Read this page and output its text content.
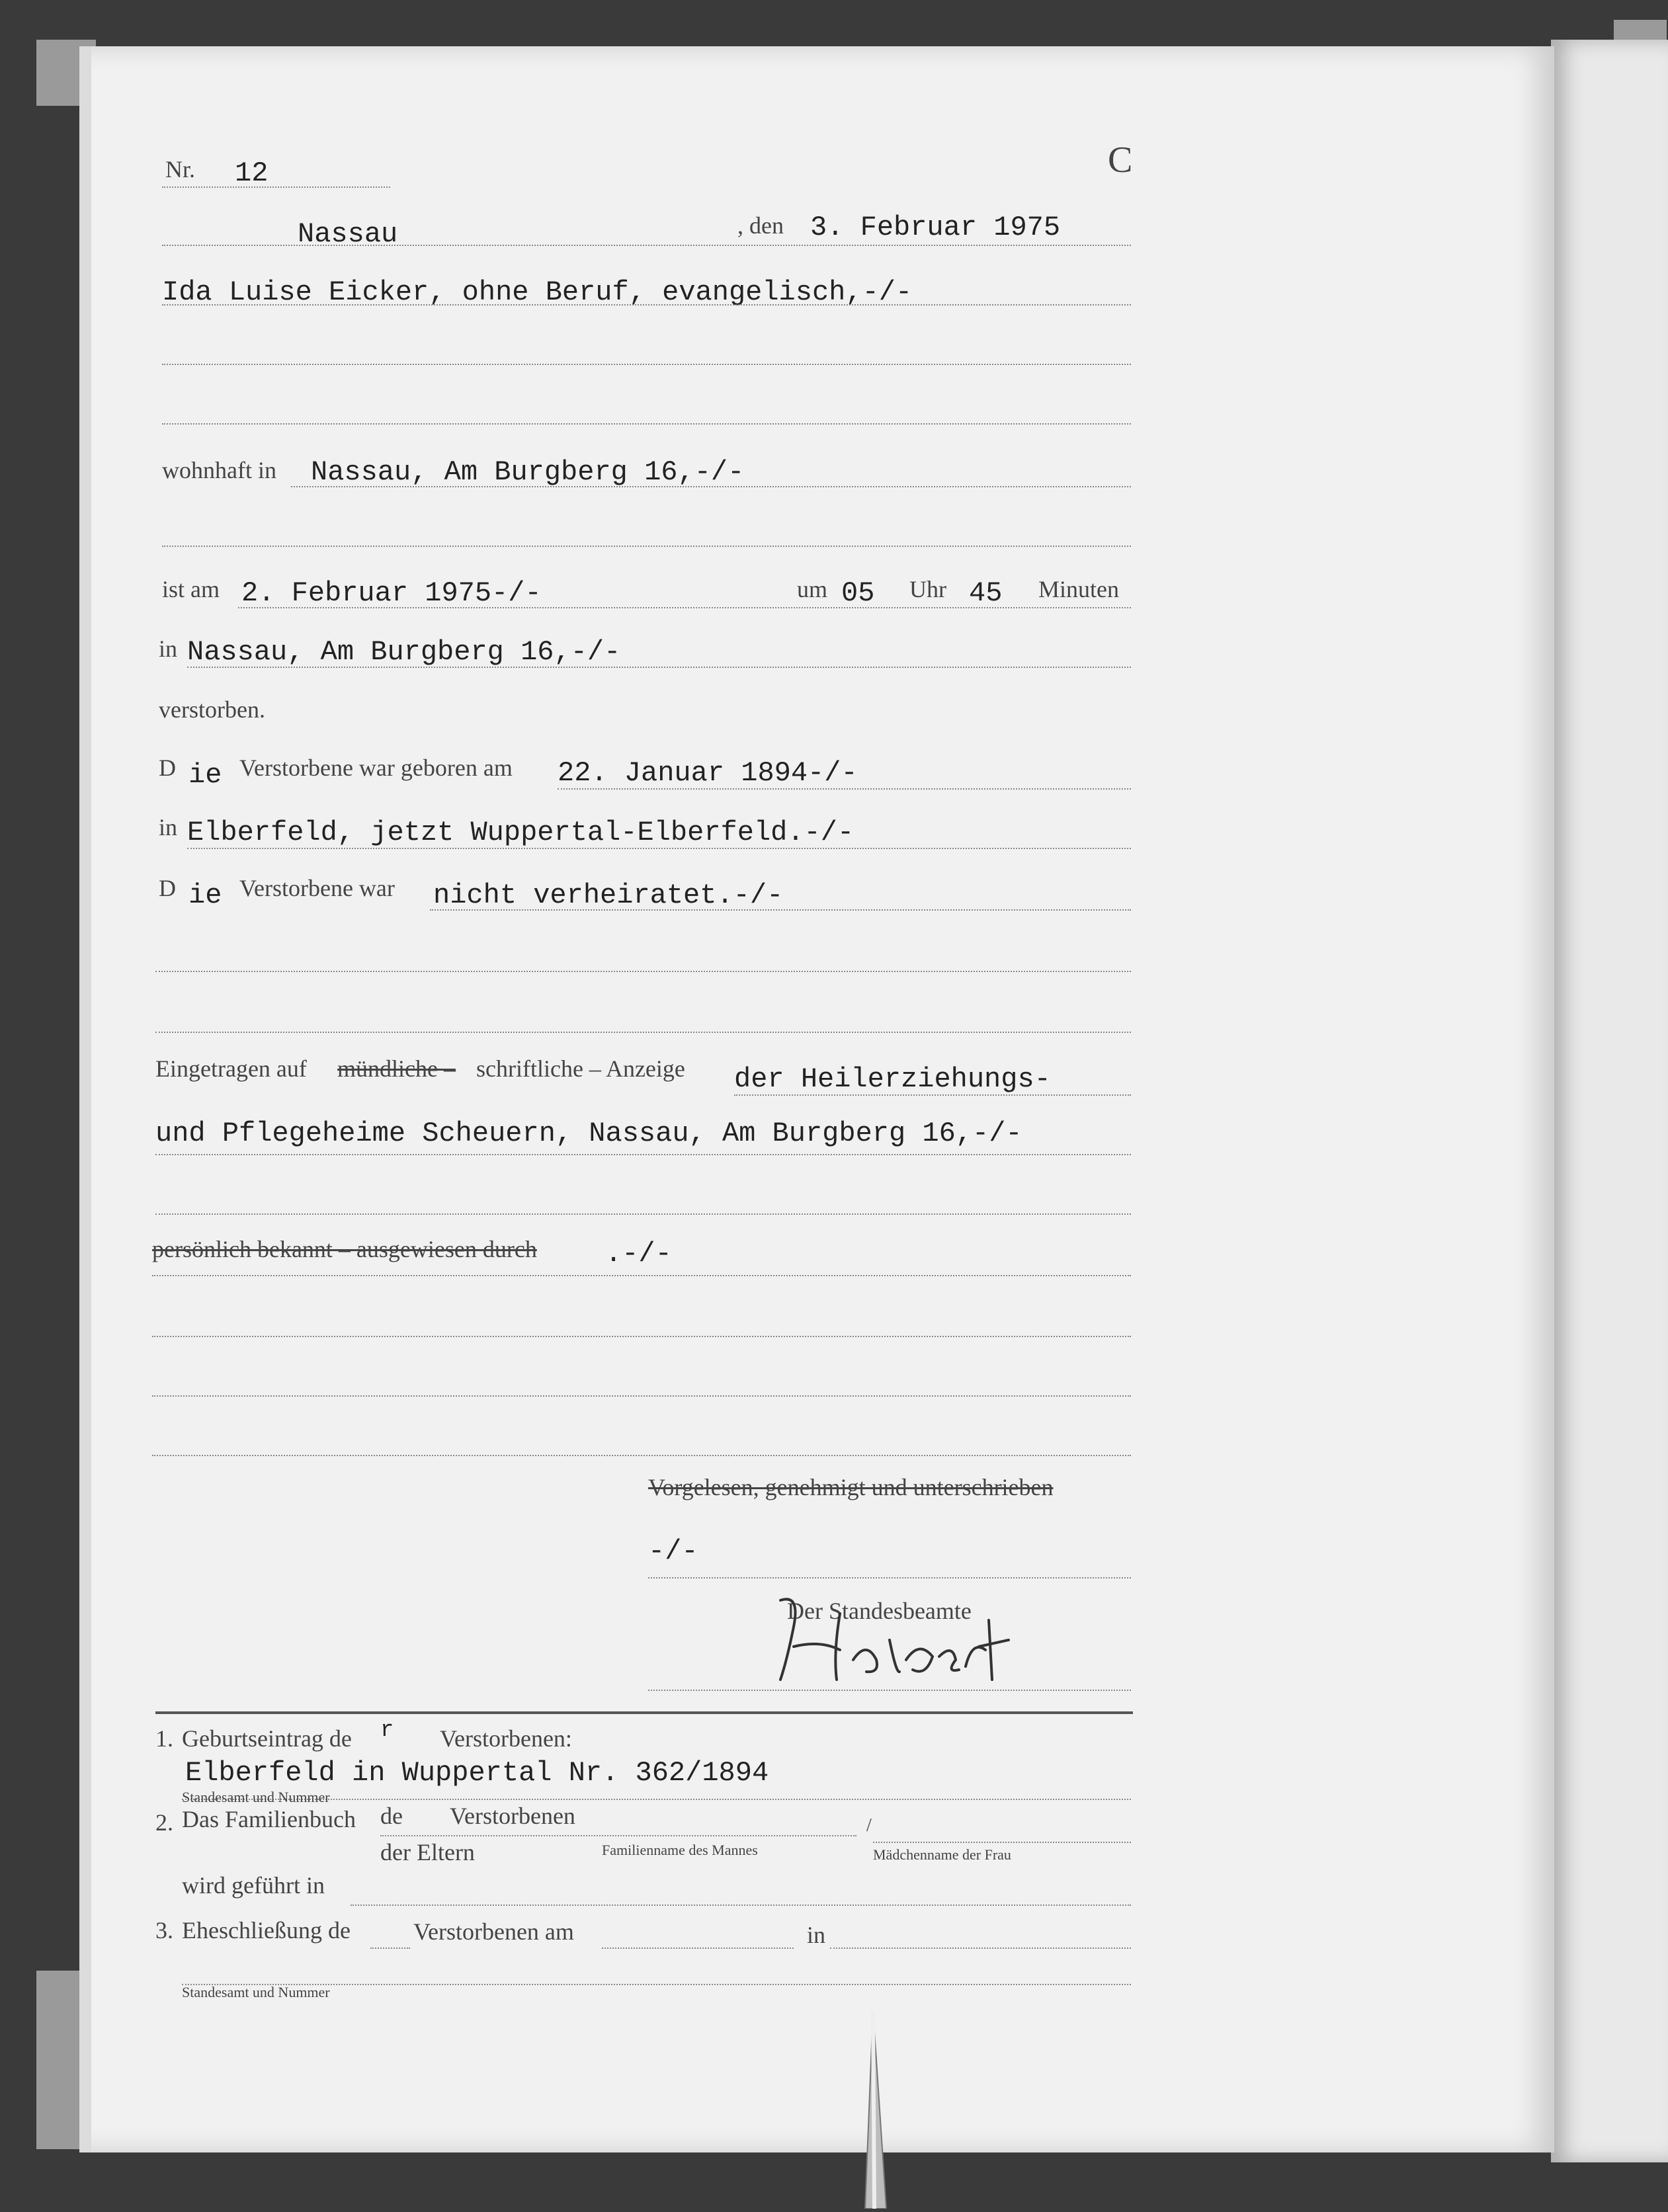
Nr. 12	C
Nassau	, den 3. Februar 1975
Ida Luise Eicker, ohne Beruf, evangelisch,-/-
wohnhaft in Nassau, Am Burgberg 16,-/-
ist am 2. Februar 1975-/-	um 05 Uhr 45 Minuten
in Nassau, Am Burgberg 16,-/-
verstorben.
D ie Verstorbene war geboren am 22. Januar 1894-/-
in Elberfeld, jetzt Wuppertal-Elberfeld.-/-
D ie Verstorbene war nicht verheiratet.-/-
Eingetragen auf mündliche – schriftliche – Anzeige der Heilerziehungs-
und Pflegeheime Scheuern, Nassau, Am Burgberg 16,-/-
persönlich bekannt – ausgewiesen durch .-/-
Vorgelesen, genehmigt und unterschrieben
-/-
Der Standesbeamte
1. Geburtseintrag de r Verstorbenen:
Elberfeld in Wuppertal Nr. 362/1894
Standesamt und Nummer
2. Das Familienbuch de Verstorbenen	/
der Eltern	Familienname des Mannes	Mädchenname der Frau
wird geführt in
3. Eheschließung de	Verstorbenen am	in
Standesamt und Nummer
